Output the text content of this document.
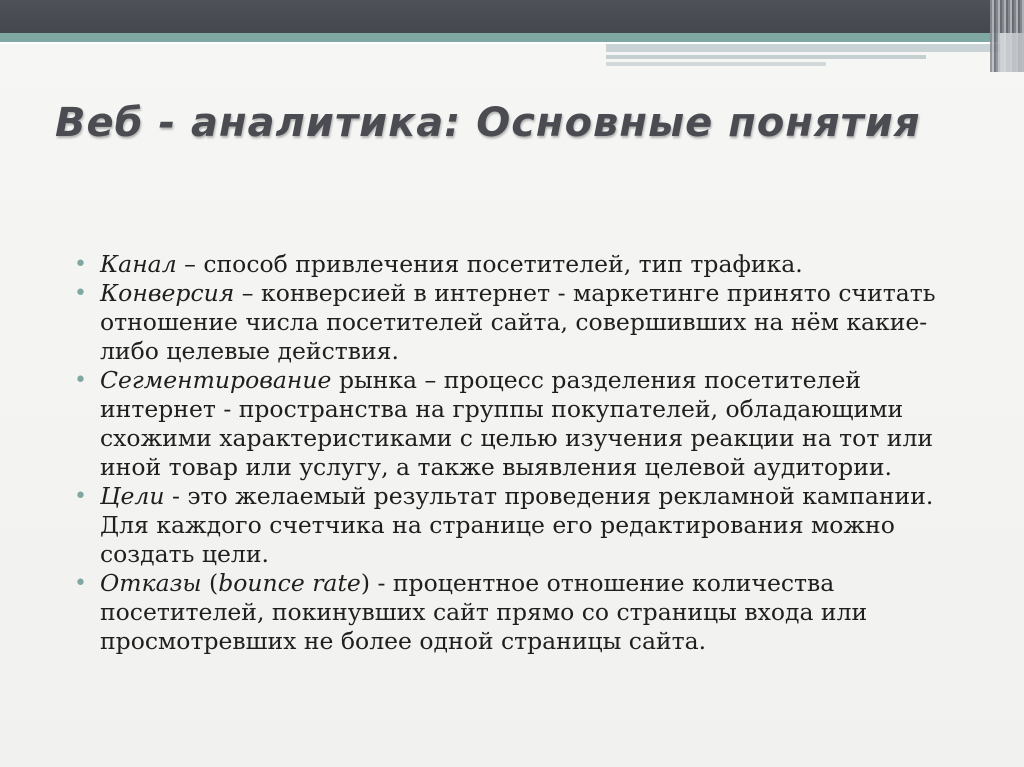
Веб - аналитика: Основные понятия
• Канал – способ привлечения посетителей, тип трафика.
• Конверсия – конверсией в интернет - маркетинге принято считать отношение числа посетителей сайта, совершивших на нём какие-либо целевые действия.
• Сегментирование рынка – процесс разделения посетителей интернет - пространства на группы покупателей, обладающими схожими характеристиками с целью изучения реакции на тот или иной товар или услугу, а также выявления целевой аудитории.
• Цели - это желаемый результат проведения рекламной кампании. Для каждого счетчика на странице его редактирования можно создать цели.
• Отказы (bounce rate) - процентное отношение количества посетителей, покинувших сайт прямо со страницы входа или просмотревших не более одной страницы сайта.
